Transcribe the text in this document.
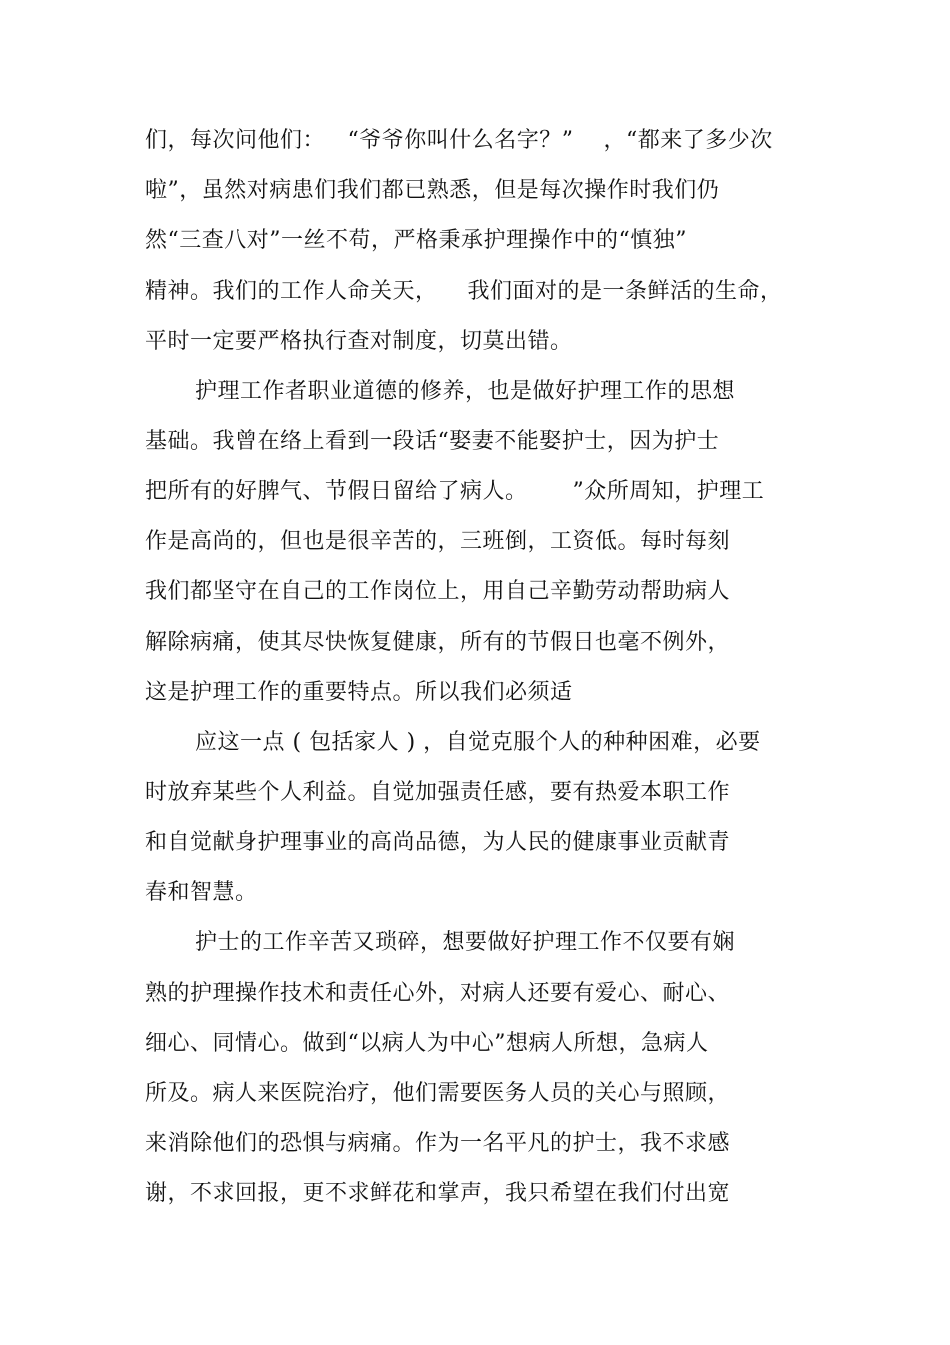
们，每次问他们：   “爷爷你叫什么名字？”    ，“都来了多少次
啦”，虽然对病患们我们都已熟悉，但是每次操作时我们仍
然“三查八对”一丝不苟，严格秉承护理操作中的“慎独”
精神。我们的工作人命关天，    我们面对的是一条鲜活的生命，
平时一定要严格执行查对制度，切莫出错。
护理工作者职业道德的修养，也是做好护理工作的思想
基础。我曾在络上看到一段话“娶妻不能娶护士，因为护士
把所有的好脾气、节假日留给了病人。      ”众所周知，护理工
作是高尚的，但也是很辛苦的，三班倒，工资低。每时每刻
我们都坚守在自己的工作岗位上，用自己辛勤劳动帮助病人
解除病痛，使其尽快恢复健康，所有的节假日也毫不例外，
这是护理工作的重要特点。所以我们必须适
应这一点 ( 包括家人 ) ，自觉克服个人的种种困难，必要
时放弃某些个人利益。自觉加强责任感，要有热爱本职工作
和自觉献身护理事业的高尚品德，为人民的健康事业贡献青
春和智慧。
护士的工作辛苦又琐碎，想要做好护理工作不仅要有娴
熟的护理操作技术和责任心外，对病人还要有爱心、耐心、
细心、同情心。做到“以病人为中心”想病人所想，急病人
所及。病人来医院治疗，他们需要医务人员的关心与照顾，
来消除他们的恐惧与病痛。作为一名平凡的护士，我不求感
谢，不求回报，更不求鲜花和掌声，我只希望在我们付出宽
